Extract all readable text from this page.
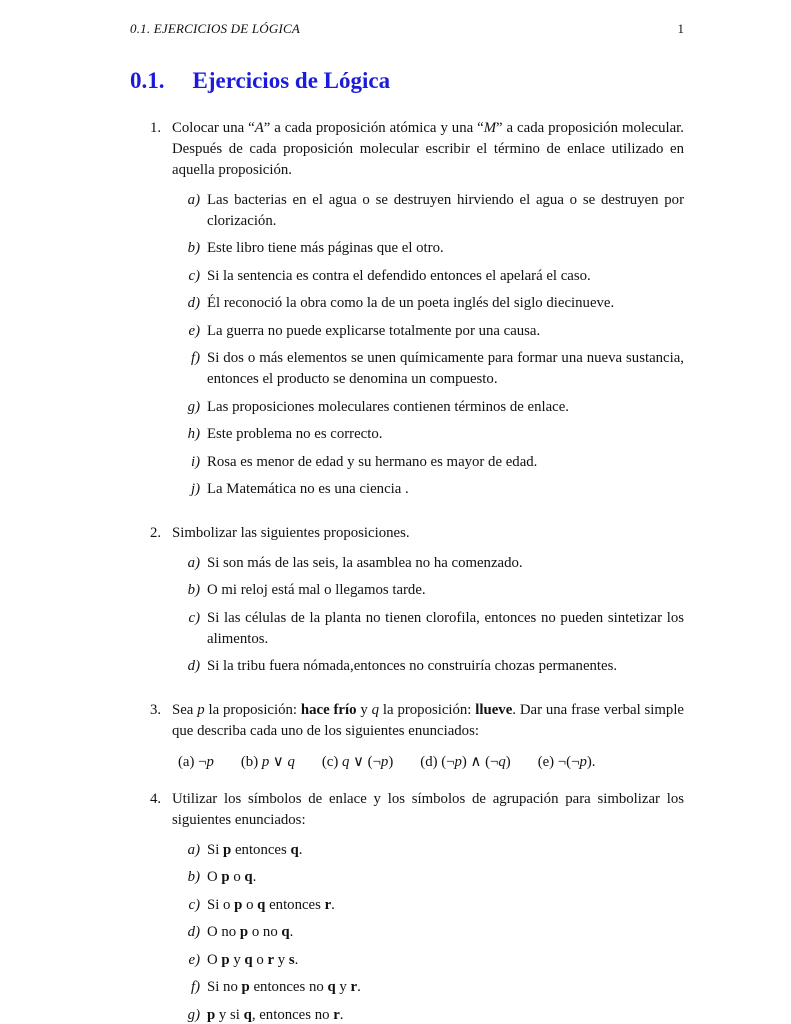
0.1. EJERCICIOS DE LÓGICA	1
0.1. Ejercicios de Lógica
1. Colocar una “A” a cada proposición atómica y una “M” a cada proposición molecular. Después de cada proposición molecular escribir el término de enlace utilizado en aquella proposición.

a) Las bacterias en el agua o se destruyen hirviendo el agua o se destruyen por clorización.
b) Este libro tiene más páginas que el otro.
c) Si la sentencia es contra el defendido entonces el apelará el caso.
d) Él reconoció la obra como la de un poeta inglés del siglo diecinueve.
e) La guerra no puede explicarse totalmente por una causa.
f) Si dos o más elementos se unen químicamente para formar una nueva sustancia, entonces el producto se denomina un compuesto.
g) Las proposiciones moleculares contienen términos de enlace.
h) Este problema no es correcto.
i) Rosa es menor de edad y su hermano es mayor de edad.
j) La Matemática no es una ciencia .
2. Simbolizar las siguientes proposiciones.

a) Si son más de las seis, la asamblea no ha comenzado.
b) O mi reloj está mal o llegamos tarde.
c) Si las células de la planta no tienen clorofila, entonces no pueden sintetizar los alimentos.
d) Si la tribu fuera nómada,entonces no construiría chozas permanentes.
3. Sea p la proposición: hace frío y q la proposición: llueve. Dar una frase verbal simple que describa cada uno de los siguientes enunciados:

(a) ¬p (b) p ∨ q (c) q ∨ (¬p) (d) (¬p) ∧ (¬q) (e) ¬(¬p).
4. Utilizar los símbolos de enlace y los símbolos de agrupación para simbolizar los siguientes enunciados:

a) Si p entonces q.
b) O p o q.
c) Si o p o q entonces r.
d) O no p o no q.
e) O p y q o r y s.
f) Si no p entonces no q y r.
g) p y si q, entonces no r.
